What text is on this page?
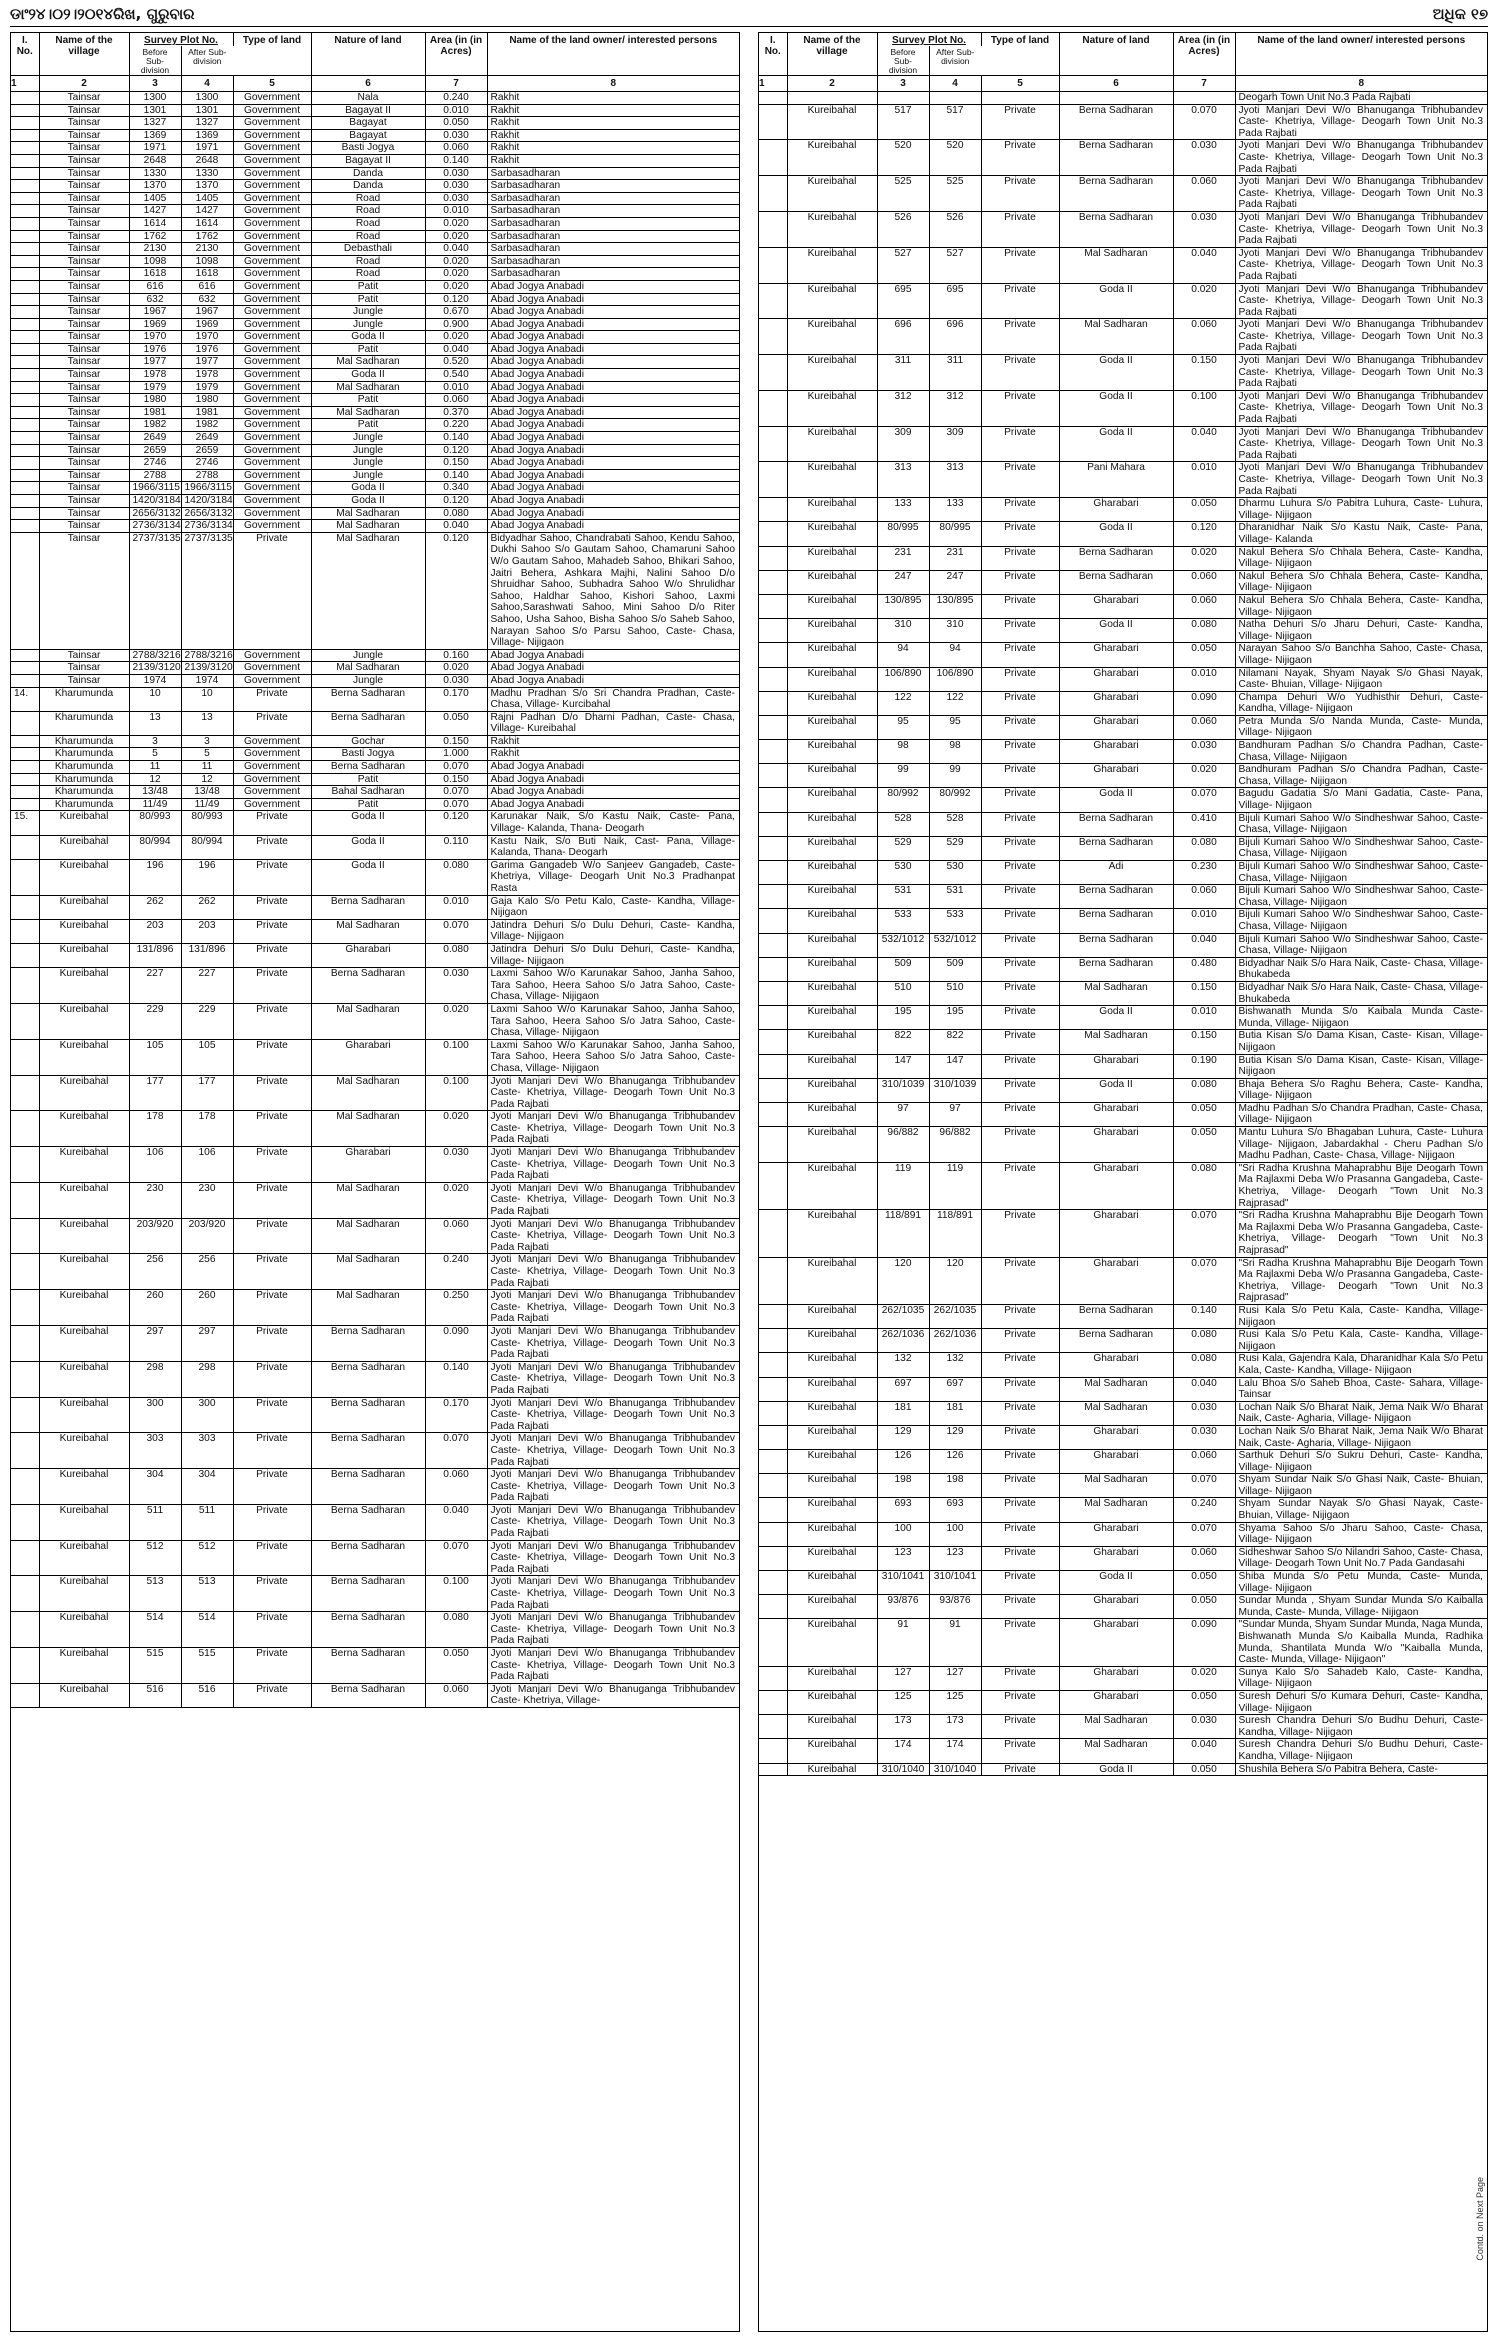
ଡାଂ୨୪।୦୨।୨୦୧୪ରିଖ, ଗୁରୁବାର	ଅଧିକ ୧୭
I. No.	Name of the village	Survey Plot No.		Type of land	Nature of land	Area (in (in Acres)	Name of the land owner/ interested persons
		Before Sub-division	After Sub-division				
1	2	3	4	5	6	7	8
	Tainsar	1300	1300	Government	Nala	0.240	Rakhit
	Tainsar	1301	1301	Government	Bagayat II	0.010	Rakhit
	Tainsar	1327	1327	Government	Bagayat	0.050	Rakhit
	Tainsar	1369	1369	Government	Bagayat	0.030	Rakhit
	Tainsar	1971	1971	Government	Basti Jogya	0.060	Rakhit
	Tainsar	2648	2648	Government	Bagayat II	0.140	Rakhit
	Tainsar	1330	1330	Government	Danda	0.030	Sarbasadharan
	Tainsar	1370	1370	Government	Danda	0.030	Sarbasadharan
	Tainsar	1405	1405	Government	Road	0.030	Sarbasadharan
	Tainsar	1427	1427	Government	Road	0.010	Sarbasadharan
	Tainsar	1614	1614	Government	Road	0.020	Sarbasadharan
	Tainsar	1762	1762	Government	Road	0.020	Sarbasadharan
	Tainsar	2130	2130	Government	Debasthali	0.040	Sarbasadharan
	Tainsar	1098	1098	Government	Road	0.020	Sarbasadharan
	Tainsar	1618	1618	Government	Road	0.020	Sarbasadharan
	Tainsar	616	616	Government	Patit	0.020	Abad Jogya Anabadi
	Tainsar	632	632	Government	Patit	0.120	Abad Jogya Anabadi
	Tainsar	1967	1967	Government	Jungle	0.670	Abad Jogya Anabadi
	Tainsar	1969	1969	Government	Jungle	0.900	Abad Jogya Anabadi
	Tainsar	1970	1970	Government	Goda II	0.020	Abad Jogya Anabadi
	Tainsar	1976	1976	Government	Patit	0.040	Abad Jogya Anabadi
	Tainsar	1977	1977	Government	Mal Sadharan	0.520	Abad Jogya Anabadi
	Tainsar	1978	1978	Government	Goda II	0.540	Abad Jogya Anabadi
	Tainsar	1979	1979	Government	Mal Sadharan	0.010	Abad Jogya Anabadi
	Tainsar	1980	1980	Government	Patit	0.060	Abad Jogya Anabadi
	Tainsar	1981	1981	Government	Mal Sadharan	0.370	Abad Jogya Anabadi
	Tainsar	1982	1982	Government	Patit	0.220	Abad Jogya Anabadi
	Tainsar	2649	2649	Government	Jungle	0.140	Abad Jogya Anabadi
	Tainsar	2659	2659	Government	Jungle	0.120	Abad Jogya Anabadi
	Tainsar	2746	2746	Government	Jungle	0.150	Abad Jogya Anabadi
	Tainsar	2788	2788	Government	Jungle	0.140	Abad Jogya Anabadi
	Tainsar	1966/3115	1966/3115	Government	Goda II	0.340	Abad Jogya Anabadi
	Tainsar	1420/3184	1420/3184	Government	Goda II	0.120	Abad Jogya Anabadi
	Tainsar	2656/3132	2656/3132	Government	Mal Sadharan	0.080	Abad Jogya Anabadi
	Tainsar	2736/3134	2736/3134	Government	Mal Sadharan	0.040	Abad Jogya Anabadi
	Tainsar	2737/3135	2737/3135	Private	Mal Sadharan	0.120	Bidyadhar Sahoo, Chandrabati Sahoo, Kendu Sahoo, Dukhi Sahoo S/o Gautam Sahoo, Chamaruni Sahoo W/o Gautam Sahoo, Mahadeb Sahoo, Bhikari Sahoo, Jaitri Behera, Ashkara Majhi, Nalini Sahoo D/o Shruidhar Sahoo, Subhadra Sahoo W/o Shrulidhar Sahoo, Haldhar Sahoo, Kishori Sahoo, Laxmi Sahoo,Sarashwati Sahoo, Mini Sahoo D/o Riter Sahoo, Usha Sahoo, Bisha Sahoo S/o Saheb Sahoo, Narayan Sahoo S/o Parsu Sahoo, Caste- Chasa, Village- Nijigaon
	Tainsar	2788/3216	2788/3216	Government	Jungle	0.160	Abad Jogya Anabadi
	Tainsar	2139/3120	2139/3120	Government	Mal Sadharan	0.020	Abad Jogya Anabadi
	Tainsar	1974	1974	Government	Jungle	0.030	Abad Jogya Anabadi
14.	Kharumunda	10	10	Private	Berna Sadharan	0.170	Madhu Pradhan S/o Sri Chandra Pradhan, Caste- Chasa, Village- Kurcibahal
	Kharumunda	13	13	Private	Berna Sadharan	0.050	Rajni Padhan D/o Dharni Padhan, Caste- Chasa, Village- Kureibahal
	Kharumunda	3	3	Government	Gochar	0.150	Rakhit
	Kharumunda	5	5	Government	Basti Jogya	1.000	Rakhit
	Kharumunda	11	11	Government	Berna Sadharan	0.070	Abad Jogya Anabadi
	Kharumunda	12	12	Government	Patit	0.150	Abad Jogya Anabadi
	Kharumunda	13/48	13/48	Government	Bahal Sadharan	0.070	Abad Jogya Anabadi
	Kharumunda	11/49	11/49	Government	Patit	0.070	Abad Jogya Anabadi
15.	Kureibahal	80/993	80/993	Private	Goda II	0.120	Karunakar Naik, S/o Kastu Naik, Caste- Pana, Village- Kalanda, Thana- Deogarh
	Kureibahal	80/994	80/994	Private	Goda II	0.110	Kastu Naik, S/o Buti Naik, Cast- Pana, Village- Kalanda, Thana- Deogarh
	Kureibahal	196	196	Private	Goda II	0.080	Garima Gangadeb W/o Sanjeev Gangadeb, Caste- Khetriya, Village- Deogarh Unit No.3 Pradhanpat Rasta
	Kureibahal	262	262	Private	Berna Sadharan	0.010	Gaja Kalo S/o Petu Kalo, Caste- Kandha, Village- Nijigaon
	Kureibahal	203	203	Private	Mal Sadharan	0.070	Jatindra Dehuri S/o Dulu Dehuri, Caste- Kandha, Village- Nijigaon
	Kureibahal	131/896	131/896	Private	Gharabari	0.080	Jatindra Dehuri S/o Dulu Dehuri, Caste- Kandha, Village- Nijigaon
	Kureibahal	227	227	Private	Berna Sadharan	0.030	Laxmi Sahoo W/o Karunakar Sahoo, Janha Sahoo, Tara Sahoo, Heera Sahoo S/o Jatra Sahoo, Caste- Chasa, Village- Nijigaon
	Kureibahal	229	229	Private	Mal Sadharan	0.020	Laxmi Sahoo W/o Karunakar Sahoo, Janha Sahoo, Tara Sahoo, Heera Sahoo S/o Jatra Sahoo, Caste- Chasa, Village- Nijigaon
	Kureibahal	105	105	Private	Gharabari	0.100	Laxmi Sahoo W/o Karunakar Sahoo, Janha Sahoo, Tara Sahoo, Heera Sahoo S/o Jatra Sahoo, Caste- Chasa, Village- Nijigaon
	Kureibahal	177	177	Private	Mal Sadharan	0.100	Jyoti Manjari Devi W/o Bhanuganga Tribhubandev Caste- Khetriya, Village- Deogarh Town Unit No.3 Pada Rajbati
	Kureibahal	178	178	Private	Mal Sadharan	0.020	Jyoti Manjari Devi W/o Bhanuganga Tribhubandev Caste- Khetriya, Village- Deogarh Town Unit No.3 Pada Rajbati
	Kureibahal	106	106	Private	Gharabari	0.030	Jyoti Manjari Devi W/o Bhanuganga Tribhubandev Caste- Khetriya, Village- Deogarh Town Unit No.3 Pada Rajbati
	Kureibahal	230	230	Private	Mal Sadharan	0.020	Jyoti Manjari Devi W/o Bhanuganga Tribhubandev Caste- Khetriya, Village- Deogarh Town Unit No.3 Pada Rajbati
	Kureibahal	203/920	203/920	Private	Mal Sadharan	0.060	Jyoti Manjari Devi W/o Bhanuganga Tribhubandev Caste- Khetriya, Village- Deogarh Town Unit No.3 Pada Rajbati
	Kureibahal	256	256	Private	Mal Sadharan	0.240	Jyoti Manjari Devi W/o Bhanuganga Tribhubandev Caste- Khetriya, Village- Deogarh Town Unit No.3 Pada Rajbati
	Kureibahal	260	260	Private	Mal Sadharan	0.250	Jyoti Manjari Devi W/o Bhanuganga Tribhubandev Caste- Khetriya, Village- Deogarh Town Unit No.3 Pada Rajbati
	Kureibahal	297	297	Private	Berna Sadharan	0.090	Jyoti Manjari Devi W/o Bhanuganga Tribhubandev Caste- Khetriya, Village- Deogarh Town Unit No.3 Pada Rajbati
	Kureibahal	298	298	Private	Berna Sadharan	0.140	Jyoti Manjari Devi W/o Bhanuganga Tribhubandev Caste- Khetriya, Village- Deogarh Town Unit No.3 Pada Rajbati
	Kureibahal	300	300	Private	Berna Sadharan	0.170	Jyoti Manjari Devi W/o Bhanuganga Tribhubandev Caste- Khetriya, Village- Deogarh Town Unit No.3 Pada Rajbati
	Kureibahal	303	303	Private	Berna Sadharan	0.070	Jyoti Manjari Devi W/o Bhanuganga Tribhubandev Caste- Khetriya, Village- Deogarh Town Unit No.3 Pada Rajbati
	Kureibahal	304	304	Private	Berna Sadharan	0.060	Jyoti Manjari Devi W/o Bhanuganga Tribhubandev Caste- Khetriya, Village- Deogarh Town Unit No.3 Pada Rajbati
	Kureibahal	511	511	Private	Berna Sadharan	0.040	Jyoti Manjari Devi W/o Bhanuganga Tribhubandev Caste- Khetriya, Village- Deogarh Town Unit No.3 Pada Rajbati
	Kureibahal	512	512	Private	Berna Sadharan	0.070	Jyoti Manjari Devi W/o Bhanuganga Tribhubandev Caste- Khetriya, Village- Deogarh Town Unit No.3 Pada Rajbati
	Kureibahal	513	513	Private	Berna Sadharan	0.100	Jyoti Manjari Devi W/o Bhanuganga Tribhubandev Caste- Khetriya, Village- Deogarh Town Unit No.3 Pada Rajbati
	Kureibahal	514	514	Private	Berna Sadharan	0.080	Jyoti Manjari Devi W/o Bhanuganga Tribhubandev Caste- Khetriya, Village- Deogarh Town Unit No.3 Pada Rajbati
	Kureibahal	515	515	Private	Berna Sadharan	0.050	Jyoti Manjari Devi W/o Bhanuganga Tribhubandev Caste- Khetriya, Village- Deogarh Town Unit No.3 Pada Rajbati
	Kureibahal	516	516	Private	Berna Sadharan	0.060	Jyoti Manjari Devi W/o Bhanuganga Tribhubandev Caste- Khetriya, Village-
I. No.	Name of the village	Survey Plot No.		Type of land	Nature of land	Area (in (in Acres)	Name of the land owner/ interested persons
		Before Sub-division	After Sub-division				
1	2	3	4	5	6	7	8
							Deogarh Town Unit No.3 Pada Rajbati
	Kureibahal	517	517	Private	Berna Sadharan	0.070	Jyoti Manjari Devi W/o Bhanuganga Tribhubandev Caste- Khetriya, Village- Deogarh Town Unit No.3 Pada Rajbati
	Kureibahal	520	520	Private	Berna Sadharan	0.030	Jyoti Manjari Devi W/o Bhanuganga Tribhubandev Caste- Khetriya, Village- Deogarh Town Unit No.3 Pada Rajbati
	Kureibahal	525	525	Private	Berna Sadharan	0.060	Jyoti Manjari Devi W/o Bhanuganga Tribhubandev Caste- Khetriya, Village- Deogarh Town Unit No.3 Pada Rajbati
	Kureibahal	526	526	Private	Berna Sadharan	0.030	Jyoti Manjari Devi W/o Bhanuganga Tribhubandev Caste- Khetriya, Village- Deogarh Town Unit No.3 Pada Rajbati
	Kureibahal	527	527	Private	Mal Sadharan	0.040	Jyoti Manjari Devi W/o Bhanuganga Tribhubandev Caste- Khetriya, Village- Deogarh Town Unit No.3 Pada Rajbati
	Kureibahal	695	695	Private	Goda II	0.020	Jyoti Manjari Devi W/o Bhanuganga Tribhubandev Caste- Khetriya, Village- Deogarh Town Unit No.3 Pada Rajbati
	Kureibahal	696	696	Private	Mal Sadharan	0.060	Jyoti Manjari Devi W/o Bhanuganga Tribhubandev Caste- Khetriya, Village- Deogarh Town Unit No.3 Pada Rajbati
	Kureibahal	311	311	Private	Goda II	0.150	Jyoti Manjari Devi W/o Bhanuganga Tribhubandev Caste- Khetriya, Village- Deogarh Town Unit No.3 Pada Rajbati
	Kureibahal	312	312	Private	Goda II	0.100	Jyoti Manjari Devi W/o Bhanuganga Tribhubandev Caste- Khetriya, Village- Deogarh Town Unit No.3 Pada Rajbati
	Kureibahal	309	309	Private	Goda II	0.040	Jyoti Manjari Devi W/o Bhanuganga Tribhubandev Caste- Khetriya, Village- Deogarh Town Unit No.3 Pada Rajbati
	Kureibahal	313	313	Private	Pani Mahara	0.010	Jyoti Manjari Devi W/o Bhanuganga Tribhubandev Caste- Khetriya, Village- Deogarh Town Unit No.3 Pada Rajbati
	Kureibahal	133	133	Private	Gharabari	0.050	Dharmu Luhura S/o Pabitra Luhura, Caste- Luhura, Village- Nijigaon
	Kureibahal	80/995	80/995	Private	Goda II	0.120	Dharanidhar Naik S/o Kastu Naik, Caste- Pana, Village- Kalanda
	Kureibahal	231	231	Private	Berna Sadharan	0.020	Nakul Behera S/o Chhala Behera, Caste- Kandha, Village- Nijigaon
	Kureibahal	247	247	Private	Berna Sadharan	0.060	Nakul Behera S/o Chhala Behera, Caste- Kandha, Village- Nijigaon
	Kureibahal	130/895	130/895	Private	Gharabari	0.060	Nakul Behera S/o Chhala Behera, Caste- Kandha, Village- Nijigaon
	Kureibahal	310	310	Private	Goda II	0.080	Natha Dehuri S/o Jharu Dehuri, Caste- Kandha, Village- Nijigaon
	Kureibahal	94	94	Private	Gharabari	0.050	Narayan Sahoo S/o Banchha Sahoo, Caste- Chasa, Village- Nijigaon
	Kureibahal	106/890	106/890	Private	Gharabari	0.010	Nilamani Nayak, Shyam Nayak S/o Ghasi Nayak, Caste- Bhuian, Village- Nijigaon
	Kureibahal	122	122	Private	Gharabari	0.090	Champa Dehuri W/o Yudhisthir Dehuri, Caste- Kandha, Village- Nijigaon
	Kureibahal	95	95	Private	Gharabari	0.060	Petra Munda S/o Nanda Munda, Caste- Munda, Village- Nijigaon
	Kureibahal	98	98	Private	Gharabari	0.030	Bandhuram Padhan S/o Chandra Padhan, Caste- Chasa, Village- Nijigaon
	Kureibahal	99	99	Private	Gharabari	0.020	Bandhuram Padhan S/o Chandra Padhan, Caste- Chasa, Village- Nijigaon
	Kureibahal	80/992	80/992	Private	Goda II	0.070	Bagudu Gadatia S/o Mani Gadatia, Caste- Pana, Village- Nijigaon
	Kureibahal	528	528	Private	Berna Sadharan	0.410	Bijuli Kumari Sahoo W/o Sindheshwar Sahoo, Caste- Chasa, Village- Nijigaon
	Kureibahal	529	529	Private	Berna Sadharan	0.080	Bijuli Kumari Sahoo W/o Sindheshwar Sahoo, Caste- Chasa, Village- Nijigaon
	Kureibahal	530	530	Private	Adi	0.230	Bijuli Kumari Sahoo W/o Sindheshwar Sahoo, Caste- Chasa, Village- Nijigaon
	Kureibahal	531	531	Private	Berna Sadharan	0.060	Bijuli Kumari Sahoo W/o Sindheshwar Sahoo, Caste- Chasa, Village- Nijigaon
	Kureibahal	533	533	Private	Berna Sadharan	0.010	Bijuli Kumari Sahoo W/o Sindheshwar Sahoo, Caste- Chasa, Village- Nijigaon
	Kureibahal	532/1012	532/1012	Private	Berna Sadharan	0.040	Bijuli Kumari Sahoo W/o Sindheshwar Sahoo, Caste- Chasa, Village- Nijigaon
	Kureibahal	509	509	Private	Berna Sadharan	0.480	Bidyadhar Naik S/o Hara Naik, Caste- Chasa, Village- Bhukabeda
	Kureibahal	510	510	Private	Mal Sadharan	0.150	Bidyadhar Naik S/o Hara Naik, Caste- Chasa, Village- Bhukabeda
	Kureibahal	195	195	Private	Goda II	0.010	Bishwanath Munda S/o Kaibala Munda Caste- Munda, Village- Nijigaon
	Kureibahal	822	822	Private	Mal Sadharan	0.150	Butia Kisan S/o Dama Kisan, Caste- Kisan, Village- Nijigaon
	Kureibahal	147	147	Private	Gharabari	0.190	Butia Kisan S/o Dama Kisan, Caste- Kisan, Village- Nijigaon
	Kureibahal	310/1039	310/1039	Private	Goda II	0.080	Bhaja Behera S/o Raghu Behera, Caste- Kandha, Village- Nijigaon
	Kureibahal	97	97	Private	Gharabari	0.050	Madhu Padhan S/o Chandra Pradhan, Caste- Chasa, Village- Nijigaon
	Kureibahal	96/882	96/882	Private	Gharabari	0.050	Mantu Luhura S/o Bhagaban Luhura, Caste- Luhura Village- Nijigaon, Jabardakhal - Cheru Padhan S/o Madhu Padhan, Caste- Chasa, Village- Nijigaon
	Kureibahal	119	119	Private	Gharabari	0.080	"Sri Radha Krushna Mahaprabhu Bije Deogarh Town Ma Rajlaxmi Deba W/o Prasanna Gangadeba, Caste-Khetriya, Village- Deogarh "Town Unit No.3 Rajprasad"
	Kureibahal	118/891	118/891	Private	Gharabari	0.070	"Sri Radha Krushna Mahaprabhu Bije Deogarh Town Ma Rajlaxmi Deba W/o Prasanna Gangadeba, Caste- Khetriya, Village- Deogarh "Town Unit No.3 Rajprasad"
	Kureibahal	120	120	Private	Gharabari	0.070	"Sri Radha Krushna Mahaprabhu Bije Deogarh Town Ma Rajlaxmi Deba W/o Prasanna Gangadeba, Caste- Khetriya, Village- Deogarh "Town Unit No.3 Rajprasad"
	Kureibahal	262/1035	262/1035	Private	Berna Sadharan	0.140	Rusi Kala S/o Petu Kala, Caste- Kandha, Village- Nijigaon
	Kureibahal	262/1036	262/1036	Private	Berna Sadharan	0.080	Rusi Kala S/o Petu Kala, Caste- Kandha, Village- Nijigaon
	Kureibahal	132	132	Private	Gharabari	0.080	Rusi Kala, Gajendra Kala, Dharanidhar Kala S/o Petu Kala, Caste- Kandha, Village- Nijigaon
	Kureibahal	697	697	Private	Mal Sadharan	0.040	Lalu Bhoa S/o Saheb Bhoa, Caste- Sahara, Village- Tainsar
	Kureibahal	181	181	Private	Mal Sadharan	0.030	Lochan Naik S/o Bharat Naik, Jema Naik W/o Bharat Naik, Caste- Agharia, Village- Nijigaon
	Kureibahal	129	129	Private	Gharabari	0.030	Lochan Naik S/o Bharat Naik, Jema Naik W/o Bharat Naik, Caste- Agharia, Village- Nijigaon
	Kureibahal	126	126	Private	Gharabari	0.060	Sarthuk Dehuri S/o Sukru Dehuri, Caste- Kandha, Village- Nijigaon
	Kureibahal	198	198	Private	Mal Sadharan	0.070	Shyam Sundar Naik S/o Ghasi Naik, Caste- Bhuian, Village- Nijigaon
	Kureibahal	693	693	Private	Mal Sadharan	0.240	Shyam Sundar Nayak S/o Ghasi Nayak, Caste- Bhuian, Village- Nijigaon
	Kureibahal	100	100	Private	Gharabari	0.070	Shyama Sahoo S/o Jharu Sahoo, Caste- Chasa, Village- Nijigaon
	Kureibahal	123	123	Private	Gharabari	0.060	Sidheshwar Sahoo S/o Nilandri Sahoo, Caste- Chasa, Village- Deogarh Town Unit No.7 Pada Gandasahi
	Kureibahal	310/1041	310/1041	Private	Goda II	0.050	Shiba Munda S/o Petu Munda, Caste- Munda, Village- Nijigaon
	Kureibahal	93/876	93/876	Private	Gharabari	0.050	Sundar Munda , Shyam Sundar Munda S/o Kaiballa Munda, Caste- Munda, Village- Nijigaon
	Kureibahal	91	91	Private	Gharabari	0.090	"Sundar Munda, Shyam Sundar Munda, Naga Munda, Bishwanath Munda S/o Kaiballa Munda, Radhika Munda, Shantilata Munda W/o "Kaiballa Munda, Caste- Munda, Village- Nijigaon"
	Kureibahal	127	127	Private	Gharabari	0.020	Sunya Kalo S/o Sahadeb Kalo, Caste- Kandha, Village- Nijigaon
	Kureibahal	125	125	Private	Gharabari	0.050	Suresh Dehuri S/o Kumara Dehuri, Caste- Kandha, Village- Nijigaon
	Kureibahal	173	173	Private	Mal Sadharan	0.030	Suresh Chandra Dehuri S/o Budhu Dehuri, Caste- Kandha, Village- Nijigaon
	Kureibahal	174	174	Private	Mal Sadharan	0.040	Suresh Chandra Dehuri S/o Budhu Dehuri, Caste- Kandha, Village- Nijigaon
	Kureibahal	310/1040	310/1040	Private	Goda II	0.050	Shushila Behera S/o Pabitra Behera, Caste-
Contd. on Next Page
